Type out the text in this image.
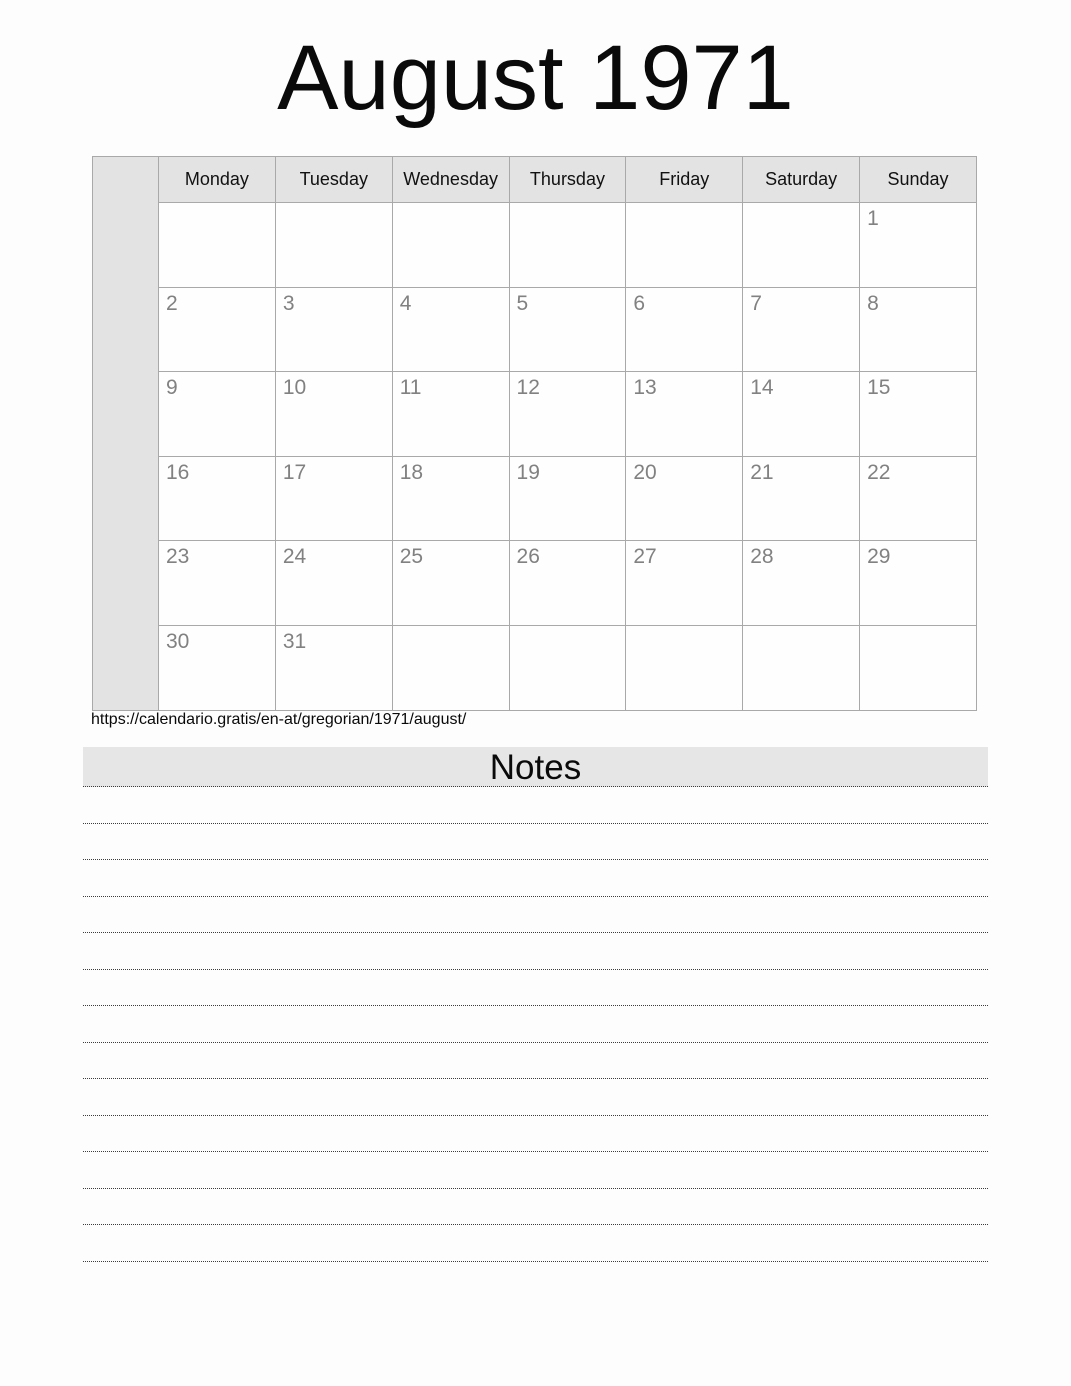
August 1971
	Monday	Tuesday	Wednesday	Thursday	Friday	Saturday	Sunday

							1

	2	3	4	5	6	7	8

	9	10	11	12	13	14	15

	16	17	18	19	20	21	22

	23	24	25	26	27	28	29

	30	31					

https://calendario.gratis/en-at/gregorian/1971/august/
Notes
